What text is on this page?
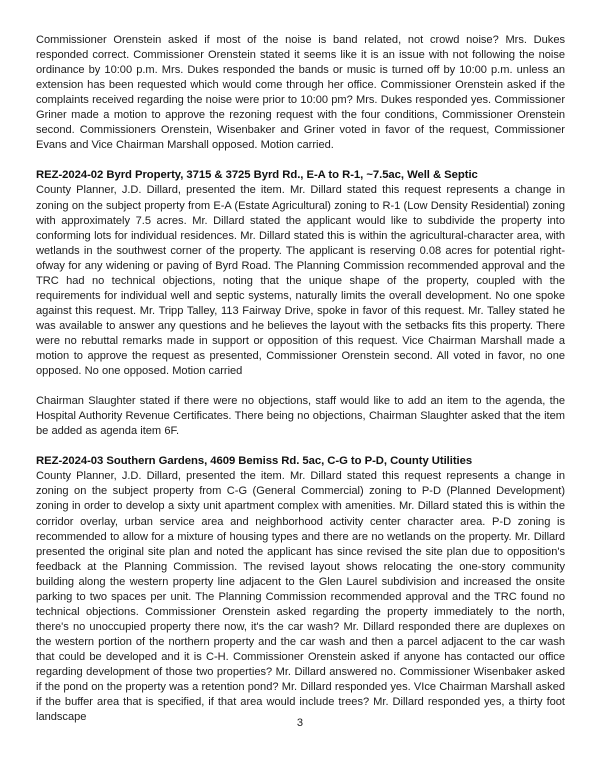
Commissioner Orenstein asked if most of the noise is band related, not crowd noise? Mrs. Dukes responded correct. Commissioner Orenstein stated it seems like it is an issue with not following the noise ordinance by 10:00 p.m. Mrs. Dukes responded the bands or music is turned off by 10:00 p.m. unless an extension has been requested which would come through her office. Commissioner Orenstein asked if the complaints received regarding the noise were prior to 10:00 pm? Mrs. Dukes responded yes. Commissioner Griner made a motion to approve the rezoning request with the four conditions, Commissioner Orenstein second. Commissioners Orenstein, Wisenbaker and Griner voted in favor of the request, Commissioner Evans and Vice Chairman Marshall opposed. Motion carried.

REZ-2024-02 Byrd Property, 3715 & 3725 Byrd Rd., E-A to R-1, ~7.5ac, Well & Septic

County Planner, J.D. Dillard, presented the item. Mr. Dillard stated this request represents a change in zoning on the subject property from E-A (Estate Agricultural) zoning to R-1 (Low Density Residential) zoning with approximately 7.5 acres. Mr. Dillard stated the applicant would like to subdivide the property into conforming lots for individual residences. Mr. Dillard stated this is within the agricultural-character area, with wetlands in the southwest corner of the property. The applicant is reserving 0.08 acres for potential right-ofway for any widening or paving of Byrd Road. The Planning Commission recommended approval and the TRC had no technical objections, noting that the unique shape of the property, coupled with the requirements for individual well and septic systems, naturally limits the overall development. No one spoke against this request. Mr. Tripp Talley, 113 Fairway Drive, spoke in favor of this request. Mr. Talley stated he was available to answer any questions and he believes the layout with the setbacks fits this property. There were no rebuttal remarks made in support or opposition of this request. Vice Chairman Marshall made a motion to approve the request as presented, Commissioner Orenstein second. All voted in favor, no one opposed. No one opposed. Motion carried

Chairman Slaughter stated if there were no objections, staff would like to add an item to the agenda, the Hospital Authority Revenue Certificates. There being no objections, Chairman Slaughter asked that the item be added as agenda item 6F.

REZ-2024-03 Southern Gardens, 4609 Bemiss Rd. 5ac, C-G to P-D, County Utilities

County Planner, J.D. Dillard, presented the item. Mr. Dillard stated this request represents a change in zoning on the subject property from C-G (General Commercial) zoning to P-D (Planned Development) zoning in order to develop a sixty unit apartment complex with amenities. Mr. Dillard stated this is within the corridor overlay, urban service area and neighborhood activity center character area. P-D zoning is recommended to allow for a mixture of housing types and there are no wetlands on the property. Mr. Dillard presented the original site plan and noted the applicant has since revised the site plan due to opposition's feedback at the Planning Commission. The revised layout shows relocating the one-story community building along the western property line adjacent to the Glen Laurel subdivision and increased the onsite parking to two spaces per unit. The Planning Commission recommended approval and the TRC found no technical objections. Commissioner Orenstein asked regarding the property immediately to the north, there's no unoccupied property there now, it's the car wash? Mr. Dillard responded there are duplexes on the western portion of the northern property and the car wash and then a parcel adjacent to the car wash that could be developed and it is C-H. Commissioner Orenstein asked if anyone has contacted our office regarding development of those two properties? Mr. Dillard answered no. Commissioner Wisenbaker asked if the pond on the property was a retention pond? Mr. Dillard responded yes. VIce Chairman Marshall asked if the buffer area that is specified, if that area would include trees? Mr. Dillard responded yes, a thirty foot landscape	3
